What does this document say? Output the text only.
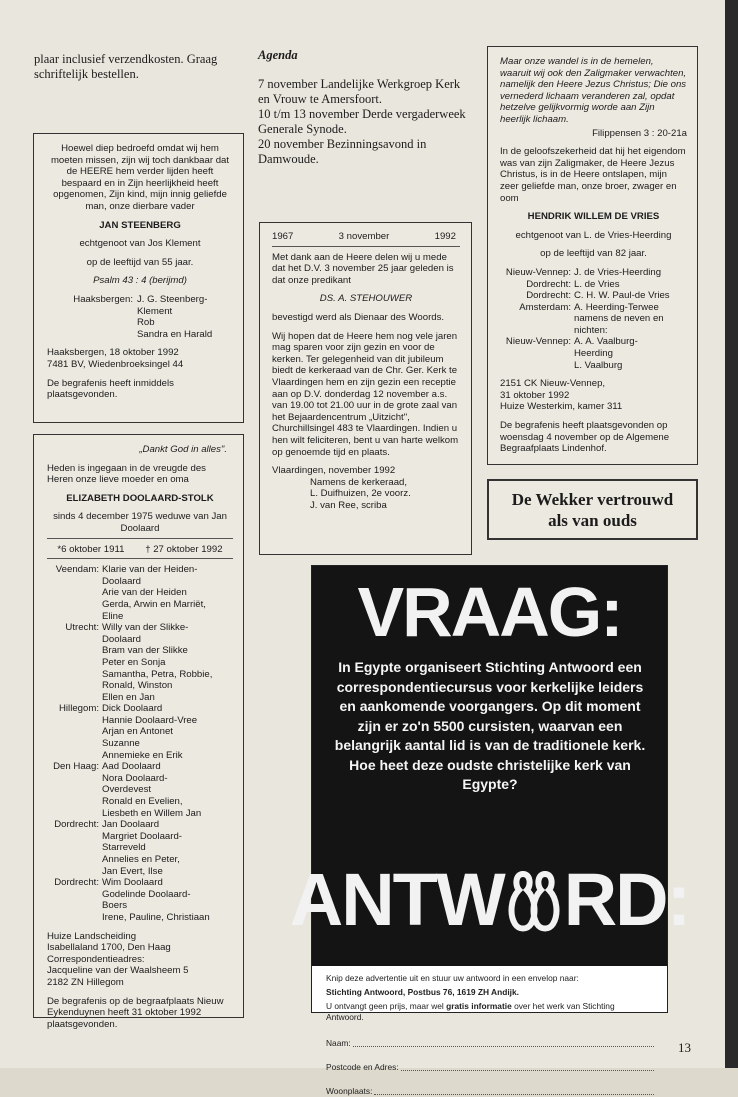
plaar inclusief verzendkosten. Graag schriftelijk bestellen.
Agenda
7 november Landelijke Werkgroep Kerk en Vrouw te Amersfoort.
10 t/m 13 november Derde vergaderweek Generale Synode.
20 november Bezinningsavond in Damwoude.
Hoewel diep bedroefd omdat wij hem moeten missen, zijn wij toch dankbaar dat de HEERE hem verder lijden heeft bespaard en in Zijn heerlijkheid heeft opgenomen, Zijn kind, mijn innig geliefde man, onze dierbare vader
JAN STEENBERG
echtgenoot van Jos Klement
op de leeftijd van 55 jaar.
Psalm 43 : 4 (berijmd)
Haaksbergen: J. G. Steenberg-
Klement
Rob
Sandra en Harald
Haaksbergen, 18 oktober 1992
7481 BV, Wiedenbroeksingel 44
De begrafenis heeft inmiddels plaatsgevonden.
„Dankt God in alles".
Heden is ingegaan in de vreugde des Heren onze lieve moeder en oma
ELIZABETH DOOLAARD-STOLK
sinds 4 december 1975 weduwe van Jan Doolaard
*6 oktober 1911 † 27 oktober 1992
Veendam: Klarie van der Heiden-
Doolaard
Arie van der Heiden
Gerda, Arwin en Marriët,
Eline
Utrecht: Willy van der Slikke-
Doolaard
Bram van der Slikke
Peter en Sonja
Samantha, Petra, Robbie,
Ronald, Winston
Ellen en Jan
Hillegom: Dick Doolaard
Hannie Doolaard-Vree
Arjan en Antonet
Suzanne
Annemieke en Erik
Den Haag: Aad Doolaard
Nora Doolaard-
Overdevest
Ronald en Evelien,
Liesbeth en Willem Jan
Dordrecht: Jan Doolaard
Margriet Doolaard-
Starreveld
Annelies en Peter,
Jan Evert, Ilse
Dordrecht: Wim Doolaard
Godelinde Doolaard-
Boers
Irene, Pauline, Christiaan
Huize Landscheiding
Isabellaland 1700, Den Haag
Correspondentieadres:
Jacqueline van der Waalsheem 5
2182 ZN Hillegom
De begrafenis op de begraafplaats Nieuw Eykenduynen heeft 31 oktober 1992 plaatsgevonden.
1967	3 november	1992
Met dank aan de Heere delen wij u mede dat het D.V. 3 november 25 jaar geleden is dat onze predikant
DS. A. STEHOUWER
bevestigd werd als Dienaar des Woords.
Wij hopen dat de Heere hem nog vele jaren mag sparen voor zijn gezin en voor de kerken. Ter gelegenheid van dit jubileum biedt de kerkeraad van de Chr. Ger. Kerk te Vlaardingen hem en zijn gezin een receptie aan op D.V. donderdag 12 november a.s. van 19.00 tot 21.00 uur in de grote zaal van het Bejaardencentrum „Uitzicht", Churchillsingel 483 te Vlaardingen. Indien u hen wilt feliciteren, bent u van harte welkom op genoemde tijd en plaats.
Vlaardingen, november 1992
Namens de kerkeraad,
L. Duifhuizen, 2e voorz.
J. van Ree, scriba
Maar onze wandel is in de hemelen, waaruit wij ook den Zaligmaker verwachten, namelijk den Heere Jezus Christus; Die ons vernederd lichaam veranderen zal, opdat hetzelve gelijkvormig worde aan Zijn heerlijk lichaam.
Filippensen 3 : 20-21a
In de geloofszekerheid dat hij het eigendom was van zijn Zaligmaker, de Heere Jezus Christus, is in de Heere ontslapen, mijn zeer geliefde man, onze broer, zwager en oom
HENDRIK WILLEM DE VRIES
echtgenoot van L. de Vries-Heerding
op de leeftijd van 82 jaar.
Nieuw-Vennep: J. de Vries-Heerding
Dordrecht: L. de Vries
Dordrecht: C. H. W. Paul-de Vries
Amsterdam: A. Heerding-Terwee
namens de neven en
nichten:
Nieuw-Vennep: A. A. Vaalburg-
Heerding
L. Vaalburg
2151 CK Nieuw-Vennep,
31 oktober 1992
Huize Westerkim, kamer 311
De begrafenis heeft plaatsgevonden op woensdag 4 november op de Algemene Begraafplaats Lindenhof.
De Wekker vertrouwd
als van ouds
VRAAG:
In Egypte organiseert Stichting Antwoord een correspondentiecursus voor kerkelijke leiders en aankomende voorgangers. Op dit moment zijn er zo'n 5500 cursisten, waarvan een belangrijk aantal lid is van de traditionele kerk. Hoe heet deze oudste christelijke kerk van Egypte?
ANTW RD:
Knip deze advertentie uit en stuur uw antwoord in een envelop naar:
Stichting Antwoord, Postbus 76, 1619 ZH Andijk.
U ontvangt geen prijs, maar wel gratis informatie over het werk van Stichting Antwoord.
Naam:
Postcode en Adres:
Woonplaats:
13
